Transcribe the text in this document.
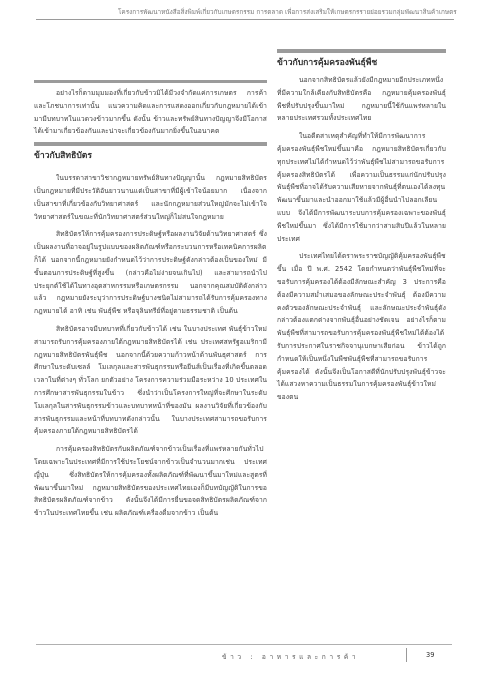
โครงการพัฒนาหนังสือสิ่งพิมพ์เกี่ยวกับเกษตรกรรม การตลาด เพื่อการส่งเสริมให้เกษตรกรรายย่อยรวมกลุ่มพัฒนาสินค้าเกษตร

อย่างไรก็ตามมุมมองที่เกี่ยวกับข้าวมิได้มีวงจำกัดแค่การเกษตร การค้าและโภชนาการเท่านั้น แนวความคิดและการแสดงออกเกี่ยวกับกฎหมายได้เข้ามามีบทบาทในแวดวงข้าวมากขึ้น ดังนั้น ข้าวและทรัพย์สินทางปัญญาจึงมีโอกาสได้เข้ามาเกี่ยวข้องกันและน่าจะเกี่ยวข้องกันมากยิ่งขึ้นในอนาคต

ข้าวกับสิทธิบัตร

ในบรรดาสาขาวิชากฎหมายทรัพย์สินทางปัญญานั้น กฎหมายสิทธิบัตรเป็นกฎหมายที่มีประวัติอันยาวนานแต่เป็นสาขาที่มีผู้เข้าใจน้อยมาก เนื่องจากเป็นสาขาที่เกี่ยวข้องกับวิทยาศาสตร์ และนักกฎหมายส่วนใหญ่มักจะไม่เข้าใจวิทยาศาสตร์ในขณะที่นักวิทยาศาสตร์ส่วนใหญ่ก็ไม่สนใจกฎหมาย

สิทธิบัตรให้การคุ้มครองการประดิษฐ์หรือผลงานวิจัยด้านวิทยาศาสตร์ ซึ่งเป็นผลงานที่อาจอยู่ในรูปแบบของผลิตภัณฑ์หรือกระบวนการหรือเทคนิคการผลิตก็ได้ นอกจากนี้กฎหมายยังกำหนดไว้ว่าการประดิษฐ์ดังกล่าวต้องเป็นของใหม่ มีขั้นตอนการประดิษฐ์ที่สูงขึ้น (กล่าวคือไม่ง่ายจนเกินไป) และสามารถนำไปประยุกต์ใช้ได้ในทางอุตสาหกรรมหรือเกษตรกรรม นอกจากคุณสมบัติดังกล่าวแล้ว กฎหมายยังระบุว่าการประดิษฐ์บางชนิดไม่สามารถได้รับการคุ้มครองทางกฎหมายได้ อาทิ เช่น พันธุ์พืช หรือจุลินทรีย์ที่อยู่ตามธรรมชาติ เป็นต้น

สิทธิบัตรอาจมีบทบาทที่เกี่ยวกับข้าวได้ เช่น ในบางประเทศ พันธุ์ข้าวใหม่สามารถรับการคุ้มครองภายใต้กฎหมายสิทธิบัตรได้ เช่น ประเทศสหรัฐอเมริกามีกฎหมายสิทธิบัตรพันธุ์พืช นอกจากนี้ด้วยความก้าวหน้าด้านพันธุศาสตร์ การศึกษาในระดับเซลล์ โมเลกุลและสารพันธุกรรมหรือยีนส์เป็นเรื่องที่เกิดขึ้นตลอดเวลาในที่ต่างๆ ทั่วโลก ยกตัวอย่าง โครงการความร่วมมือระหว่าง 10 ประเทศในการศึกษาสารพันธุกรรมในข้าว ซึ่งนำว่าเป็นโครงการใหญ่ที่จะศึกษาในระดับโมเลกุลในสารพันธุกรรมข้าวและบทบาทหน้าที่ของมัน ผลงานวิจัยที่เกี่ยวข้องกับสารพันธุกรรมและหน้าที่บทบาทดังกล่าวนั้น ในบางประเทศสามารถขอรับการคุ้มครองภายใต้กฎหมายสิทธิบัตรได้

การคุ้มครองสิทธิบัตรกับผลิตภัณฑ์จากข้าวเป็นเรื่องที่แพร่หลายกันทั่วไปโดยเฉพาะในประเทศที่มีการใช้ประโยชน์จากข้าวเป็นจำนวนมากเช่น ประเทศญี่ปุ่น ซึ่งสิทธิบัตรให้การคุ้มครองทั้งผลิตภัณฑ์ที่พัฒนาขึ้นมาใหม่และสูตรที่พัฒนาขึ้นมาใหม่ กฎหมายสิทธิบัตรของประเทศไทยเองก็มีบทบัญญัติในการขอสิทธิบัตรผลิตภัณฑ์จากข้าว ดังนั้นจึงได้มีการยื่นขอจดสิทธิบัตรผลิตภัณฑ์จากข้าวในประเทศไทยขึ้น เช่น ผลิตภัณฑ์เครื่องดื่มจากข้าว เป็นต้น

ข้าวกับการคุ้มครองพันธุ์พืช

นอกจากสิทธิบัตรแล้วยังมีกฎหมายอีกประเภทหนึ่งที่มีความใกล้เคียงกับสิทธิบัตรคือ กฎหมายคุ้มครองพันธุ์พืชที่ปรับปรุงขึ้นมาใหม่ กฎหมายนี้ใช้กันแพร่หลายในหลายประเทศรวมทั้งประเทศไทย

ในอดีตสาเหตุสำคัญที่ทำให้มีการพัฒนาการคุ้มครองพันธุ์พืชใหม่ขึ้นมาคือ กฎหมายสิทธิบัตรเกี่ยวกับทุกประเทศไม่ได้กำหนดไว้ว่าพันธุ์พืชไม่สามารถขอรับการคุ้มครองสิทธิบัตรได้ เพื่อความเป็นธรรมแก่นักปรับปรุงพันธุ์พืชที่อาจได้รับความเสียหายจากพันธุ์ที่ตนเองได้ลงทุนพัฒนาขึ้นมาและนำออกมาใช้แล้วมีผู้อื่นนำไปลอกเลียนแบบ จึงได้มีการพัฒนาระบบการคุ้มครองเฉพาะของพันธุ์พืชใหม่ขึ้นมา ซึ่งได้มีการใช้มากว่าสามสิบปีแล้วในหลายประเทศ

ประเทศไทยได้ตราพระราชบัญญัติคุ้มครองพันธุ์พืชขึ้น เมื่อ ปี พ.ศ. 2542 โดยกำหนดว่าพันธุ์พืชใหม่ที่จะขอรับการคุ้มครองได้ต้องมีลักษณะสำคัญ 3 ประการคือ ต้องมีความสม่ำเสมอของลักษณะประจำพันธุ์ ต้องมีความคงตัวของลักษณะประจำพันธุ์ และลักษณะประจำพันธุ์ดังกล่าวต้องแตกต่างจากพันธุ์อื่นอย่างชัดเจน อย่างไรก็ตามพันธุ์พืชที่สามารถขอรับการคุ้มครองพันธุ์พืชใหม่ได้ต้องได้รับการประกาศในราชกิจจานุเบกษาเสียก่อน ข้าวได้ถูกกำหนดให้เป็นหนึ่งในพืชพันธุ์พืชที่สามารถขอรับการคุ้มครองได้ ดังนั้นจึงเป็นโอกาสดีที่นักปรับปรุงพันธุ์ข้าวจะได้แสวงหาความเป็นธรรมในการคุ้มครองพันธุ์ข้าวใหม่ของตน

ข้าว : อาหารและการค้า	39
